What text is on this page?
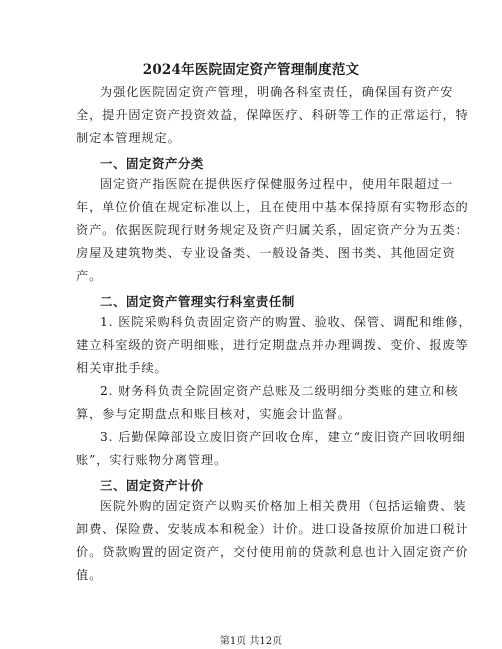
2024年医院固定资产管理制度范文
为强化医院固定资产管理，明确各科室责任，确保国有资产安
全，提升固定资产投资效益，保障医疗、科研等工作的正常运行，特
制定本管理规定。
一、固定资产分类
固定资产指医院在提供医疗保健服务过程中，使用年限超过一
年，单位价值在规定标准以上，且在使用中基本保持原有实物形态的
资产。依据医院现行财务规定及资产归属关系，固定资产分为五类：
房屋及建筑物类、专业设备类、一般设备类、图书类、其他固定资
产。
二、固定资产管理实行科室责任制
1. 医院采购科负责固定资产的购置、验收、保管、调配和维修，
建立科室级的资产明细账，进行定期盘点并办理调拨、变价、报废等
相关审批手续。
2. 财务科负责全院固定资产总账及二级明细分类账的建立和核
算，参与定期盘点和账目核对，实施会计监督。
3. 后勤保障部设立废旧资产回收仓库，建立“废旧资产回收明细
账”，实行账物分离管理。
三、固定资产计价
医院外购的固定资产以购买价格加上相关费用（包括运输费、装
卸费、保险费、安装成本和税金）计价。进口设备按原价加进口税计
价。贷款购置的固定资产，交付使用前的贷款利息也计入固定资产价
值。
第1页 共12页
